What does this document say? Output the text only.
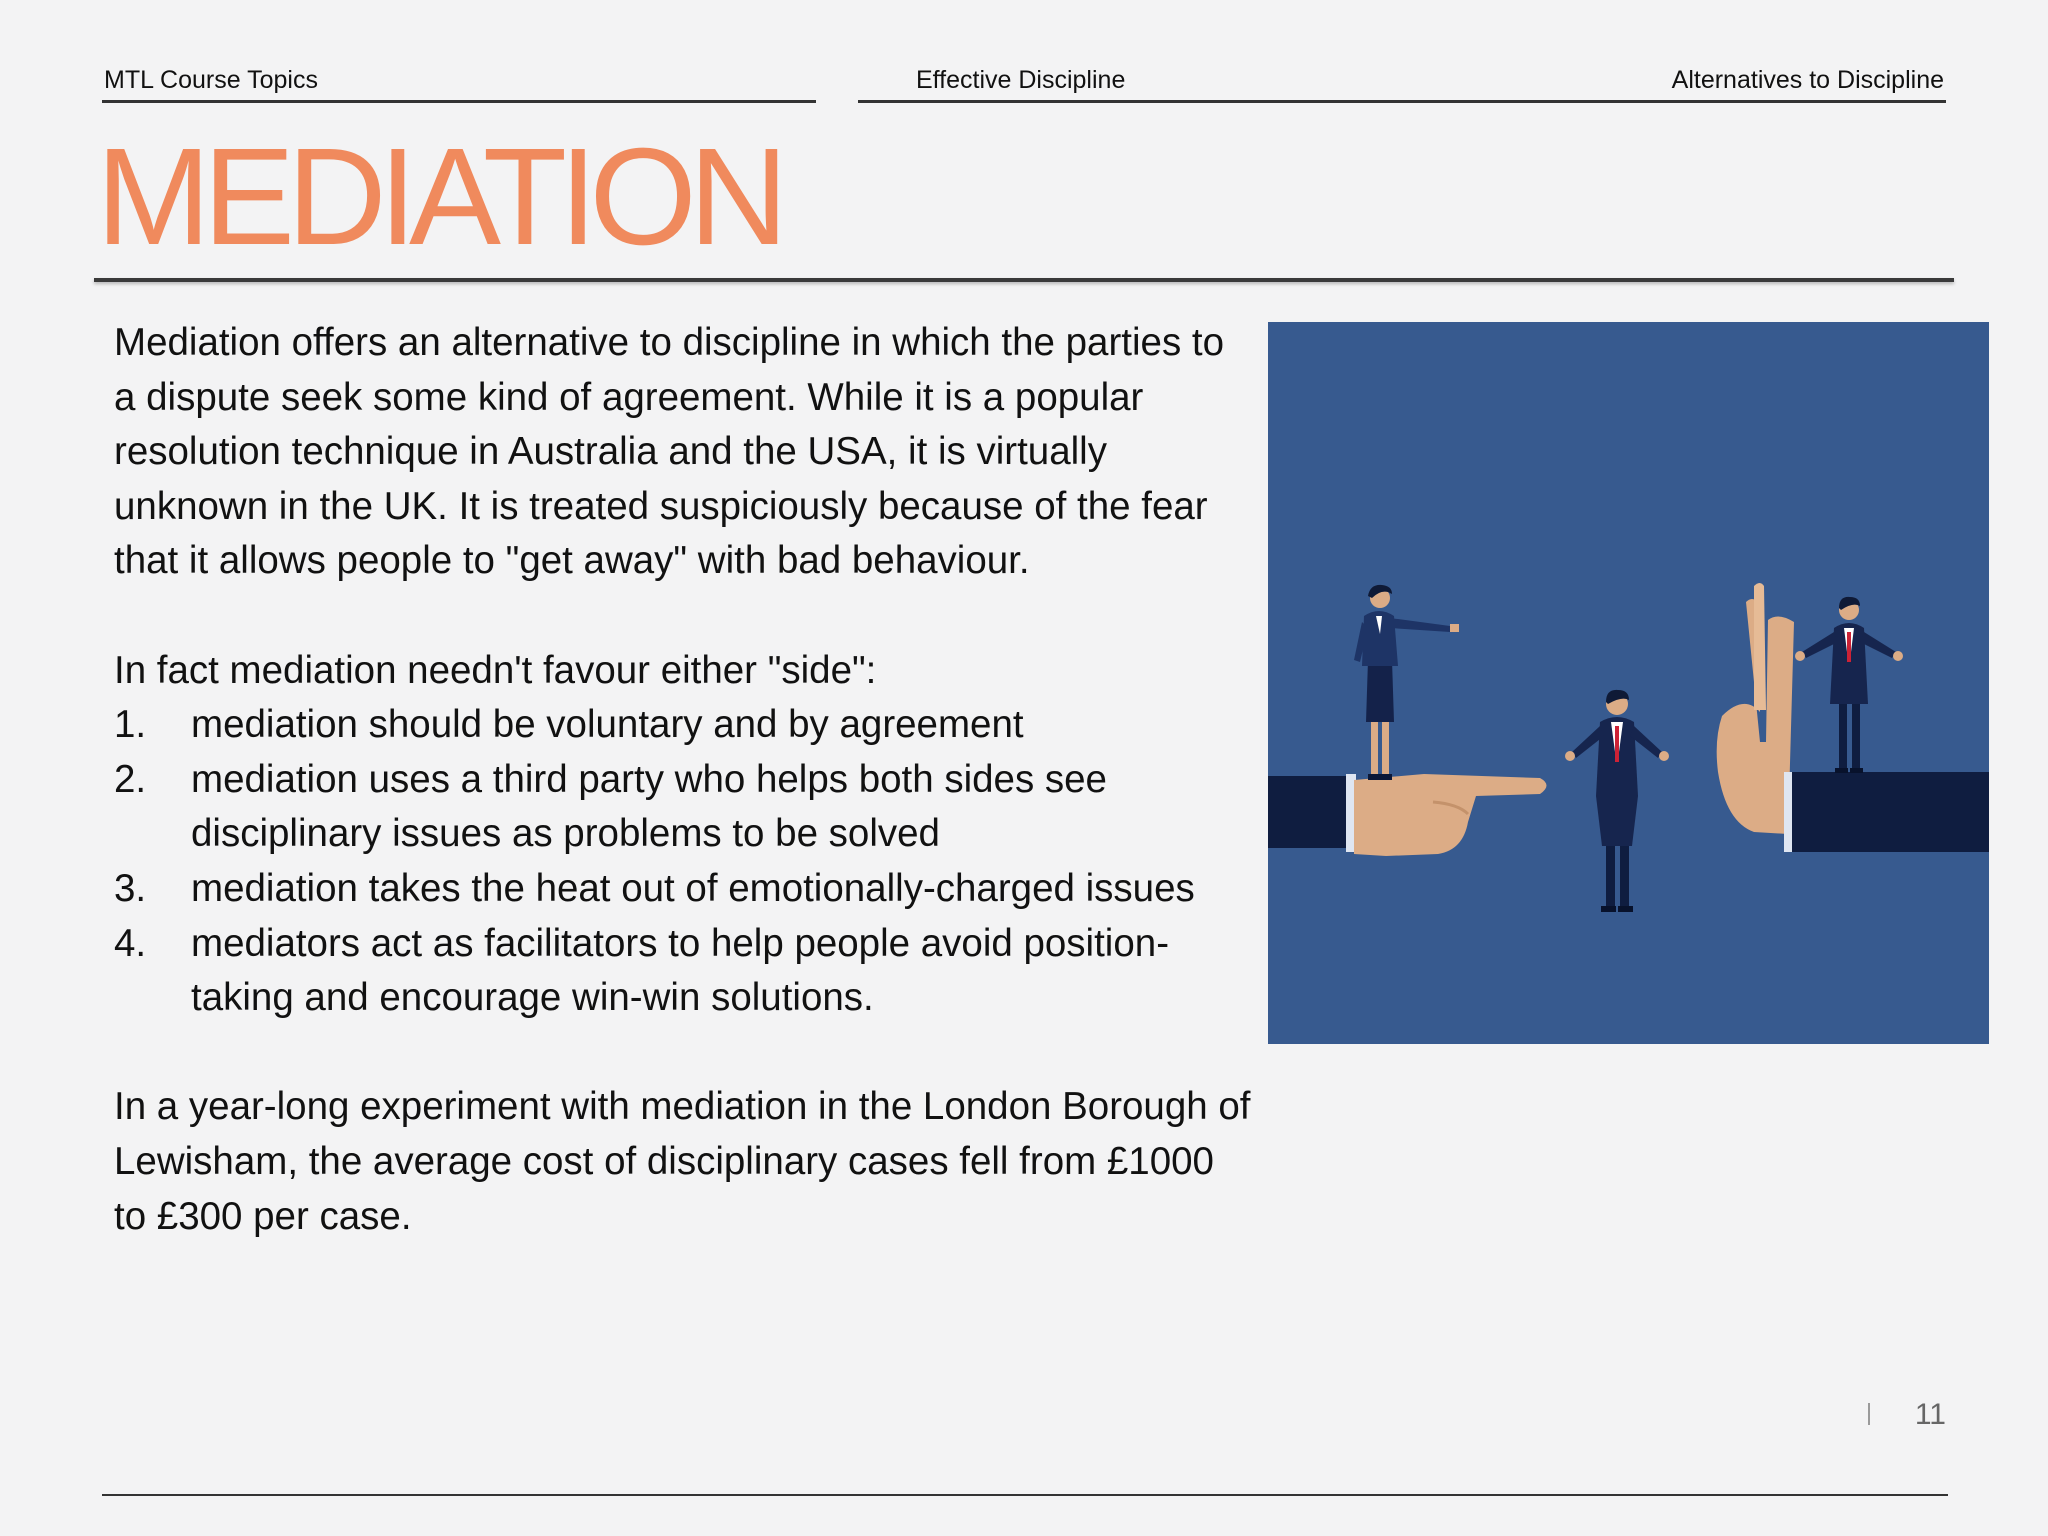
MTL Course Topics	Effective Discipline	Alternatives to Discipline
MEDIATION

Mediation offers an alternative to discipline in which the parties to a dispute seek some kind of agreement. While it is a popular resolution technique in Australia and the USA, it is virtually unknown in the UK. It is treated suspiciously because of the fear that it allows people to "get away" with bad behaviour.

In fact mediation needn't favour either "side":

1.	mediation should be voluntary and by agreement
2.	mediation uses a third party who helps both sides see disciplinary issues as problems to be solved
3.	mediation takes the heat out of emotionally-charged issues
4.	mediators act as facilitators to help people avoid position-taking and encourage win-win solutions.

In a year-long experiment with mediation in the London Borough of Lewisham, the average cost of disciplinary cases fell from £1000 to £300 per case.

11
